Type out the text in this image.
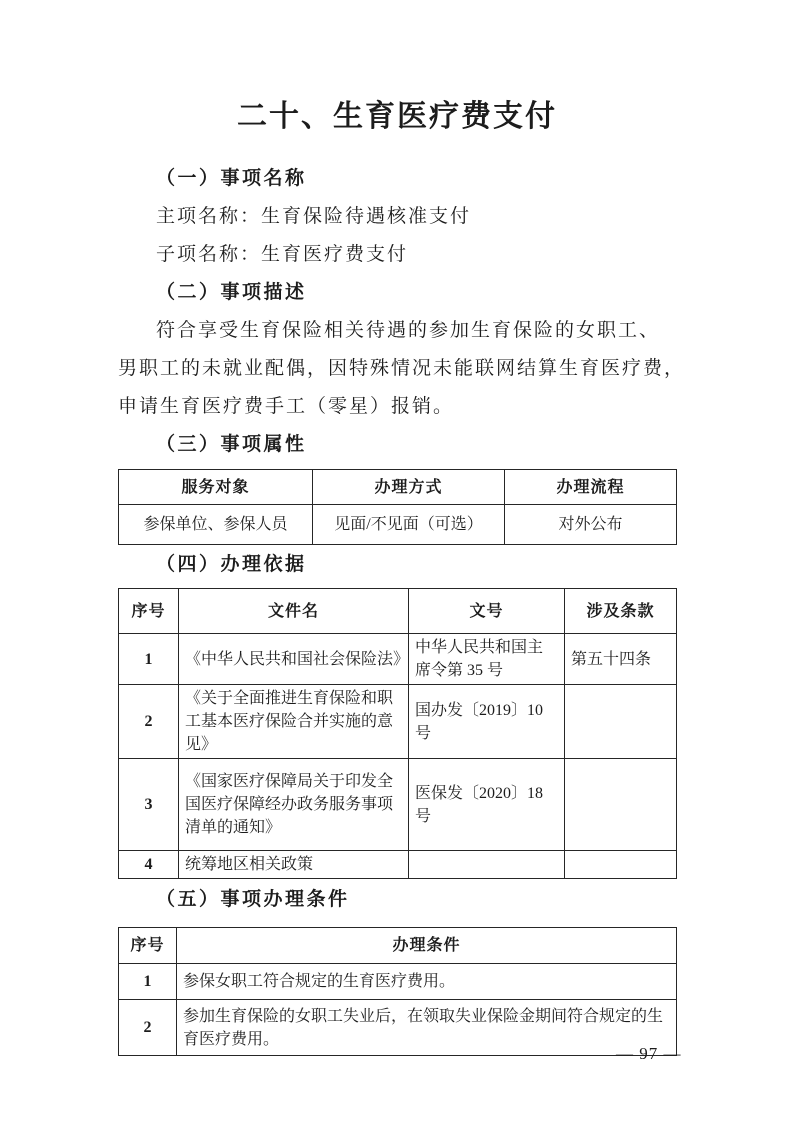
二十、生育医疗费支付
（一）事项名称
主项名称：生育保险待遇核准支付
子项名称：生育医疗费支付
（二）事项描述
符合享受生育保险相关待遇的参加生育保险的女职工、
男职工的未就业配偶，因特殊情况未能联网结算生育医疗费，
申请生育医疗费手工（零星）报销。
（三）事项属性
服务对象	办理方式	办理流程
参保单位、参保人员	见面/不见面（可选）	对外公布
（四）办理依据
序号	文件名	文号	涉及条款
1	《中华人民共和国社会保险法》	中华人民共和国主席令第 35 号	第五十四条
2	《关于全面推进生育保险和职工基本医疗保险合并实施的意见》	国办发〔2019〕10 号	
3	《国家医疗保障局关于印发全国医疗保障经办政务服务事项清单的通知》	医保发〔2020〕18 号	
4	统筹地区相关政策		
（五）事项办理条件
序号	办理条件
1	参保女职工符合规定的生育医疗费用。
2	参加生育保险的女职工失业后，在领取失业保险金期间符合规定的生育医疗费用。
— 97 —
